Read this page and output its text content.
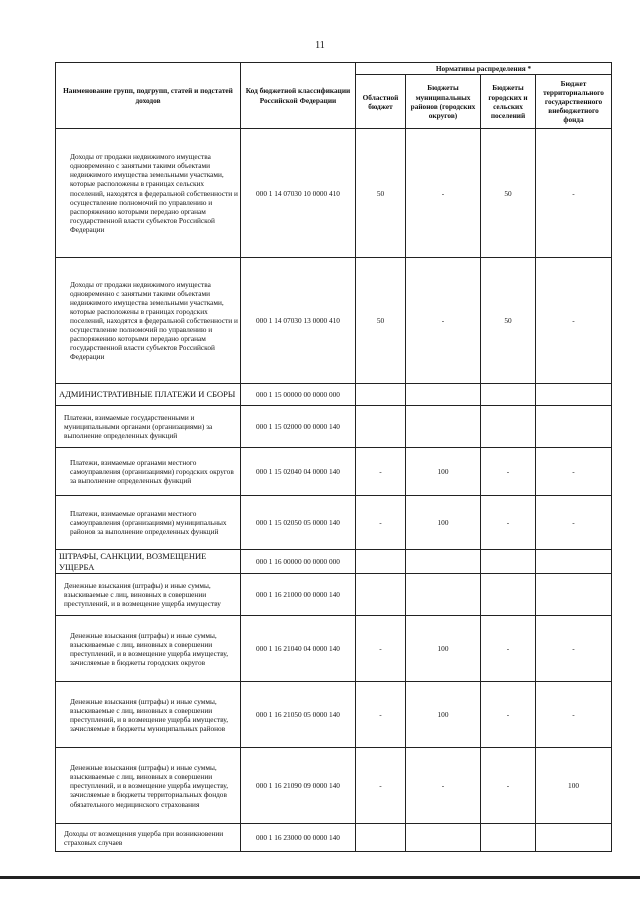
11
Наименование групп, подгрупп, статей и подстатей доходов	Код бюджетной классификации Российской Федерации	Нормативы распределения *			
		Областной бюджет	Бюджеты муниципальных районов (городских округов)	Бюджеты городских и сельских поселений	Бюджет территориального государственного внебюджетного фонда
Доходы от продажи недвижимого имущества одновременно с занятыми такими объектами недвижимого имущества земельными участками, которые расположены в границах сельских поселений, находятся в федеральной собственности и осуществление полномочий по управлению и распоряжению которыми передано органам государственной власти субъектов Российской Федерации	000 1 14 07030 10 0000 410	50	-	50	-
Доходы от продажи недвижимого имущества одновременно с занятыми такими объектами недвижимого имущества земельными участками, которые расположены в границах городских поселений, находятся в федеральной собственности и осуществление полномочий по управлению и распоряжению которыми передано органам государственной власти субъектов Российской Федерации	000 1 14 07030 13 0000 410	50	-	50	-
АДМИНИСТРАТИВНЫЕ ПЛАТЕЖИ И СБОРЫ	000 1 15 00000 00 0000 000				
Платежи, взимаемые государственными и муниципальными органами (организациями) за выполнение определенных функций	000 1 15 02000 00 0000 140				
Платежи, взимаемые органами местного самоуправления (организациями) городских округов за выполнение определенных функций	000 1 15 02040 04 0000 140	-	100	-	-
Платежи, взимаемые органами местного самоуправления (организациями) муниципальных районов за выполнение определенных функций	000 1 15 02050 05 0000 140	-	100	-	-
ШТРАФЫ, САНКЦИИ, ВОЗМЕЩЕНИЕ УЩЕРБА	000 1 16 00000 00 0000 000				
Денежные взыскания (штрафы) и иные суммы, взыскиваемые с лиц, виновных в совершении преступлений, и в возмещение ущерба имуществу	000 1 16 21000 00 0000 140				
Денежные взыскания (штрафы) и иные суммы, взыскиваемые с лиц, виновных в совершении преступлений, и в возмещение ущерба имуществу, зачисляемые в бюджеты городских округов	000 1 16 21040 04 0000 140	-	100	-	-
Денежные взыскания (штрафы) и иные суммы, взыскиваемые с лиц, виновных в совершении преступлений, и в возмещение ущерба имуществу, зачисляемые в бюджеты муниципальных районов	000 1 16 21050 05 0000 140	-	100	-	-
Денежные взыскания (штрафы) и иные суммы, взыскиваемые с лиц, виновных в совершении преступлений, и в возмещение ущерба имуществу, зачисляемые в бюджеты территориальных фондов обязательного медицинского страхования	000 1 16 21090 09 0000 140	-	-	-	100
Доходы от возмещения ущерба при возникновении страховых случаев	000 1 16 23000 00 0000 140				
